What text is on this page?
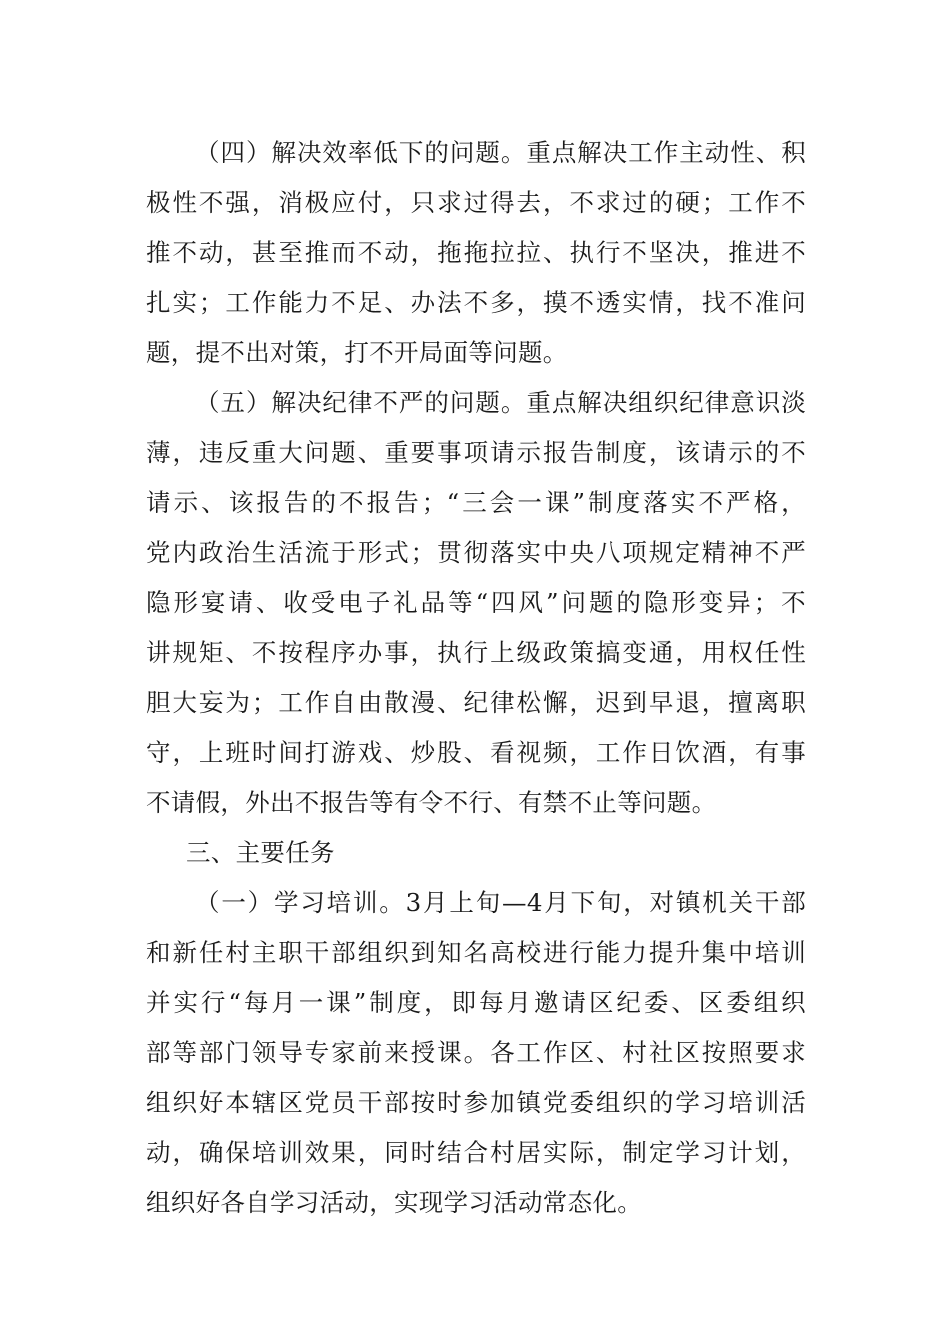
（四）解决效率低下的问题。重点解决工作主动性、积
极性不强，消极应付，只求过得去，不求过的硬；工作不
推不动，甚至推而不动，拖拖拉拉、执行不坚决，推进不
扎实；工作能力不足、办法不多，摸不透实情，找不准问
题，提不出对策，打不开局面等问题。
（五）解决纪律不严的问题。重点解决组织纪律意识淡
薄，违反重大问题、重要事项请示报告制度，该请示的不
请示、该报告的不报告；“三会一课”制度落实不严格，
党内政治生活流于形式；贯彻落实中央八项规定精神不严
隐形宴请、收受电子礼品等“四风”问题的隐形变异；不
讲规矩、不按程序办事，执行上级政策搞变通，用权任性
胆大妄为；工作自由散漫、纪律松懈，迟到早退，擅离职
守，上班时间打游戏、炒股、看视频，工作日饮酒，有事
不请假，外出不报告等有令不行、有禁不止等问题。
三、主要任务
（一）学习培训。3月上旬—4月下旬，对镇机关干部
和新任村主职干部组织到知名高校进行能力提升集中培训
并实行“每月一课”制度，即每月邀请区纪委、区委组织
部等部门领导专家前来授课。各工作区、村社区按照要求
组织好本辖区党员干部按时参加镇党委组织的学习培训活
动，确保培训效果，同时结合村居实际，制定学习计划，
组织好各自学习活动，实现学习活动常态化。
